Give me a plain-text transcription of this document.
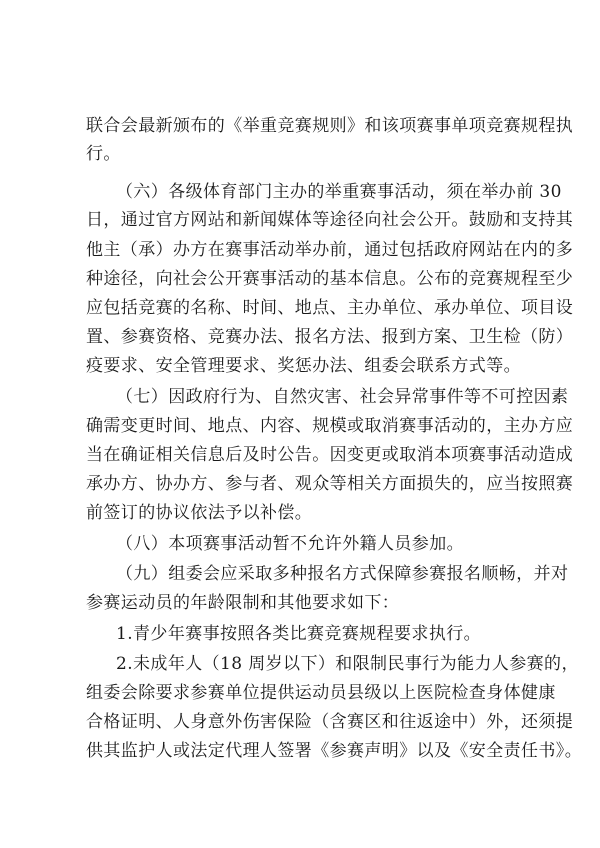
联合会最新颁布的《举重竞赛规则》和该项赛事单项竞赛规程执
行。
（六）各级体育部门主办的举重赛事活动，须在举办前 30
日，通过官方网站和新闻媒体等途径向社会公开。鼓励和支持其
他主（承）办方在赛事活动举办前，通过包括政府网站在内的多
种途径，向社会公开赛事活动的基本信息。公布的竞赛规程至少
应包括竞赛的名称、时间、地点、主办单位、承办单位、项目设
置、参赛资格、竞赛办法、报名方法、报到方案、卫生检（防）
疫要求、安全管理要求、奖惩办法、组委会联系方式等。
（七）因政府行为、自然灾害、社会异常事件等不可控因素
确需变更时间、地点、内容、规模或取消赛事活动的，主办方应
当在确证相关信息后及时公告。因变更或取消本项赛事活动造成
承办方、协办方、参与者、观众等相关方面损失的，应当按照赛
前签订的协议依法予以补偿。
（八）本项赛事活动暂不允许外籍人员参加。
（九）组委会应采取多种报名方式保障参赛报名顺畅，并对
参赛运动员的年龄限制和其他要求如下：
1.青少年赛事按照各类比赛竞赛规程要求执行。
2.未成年人（18 周岁以下）和限制民事行为能力人参赛的，
组委会除要求参赛单位提供运动员县级以上医院检查身体健康
合格证明、人身意外伤害保险（含赛区和往返途中）外，还须提
供其监护人或法定代理人签署《参赛声明》以及《安全责任书》。
